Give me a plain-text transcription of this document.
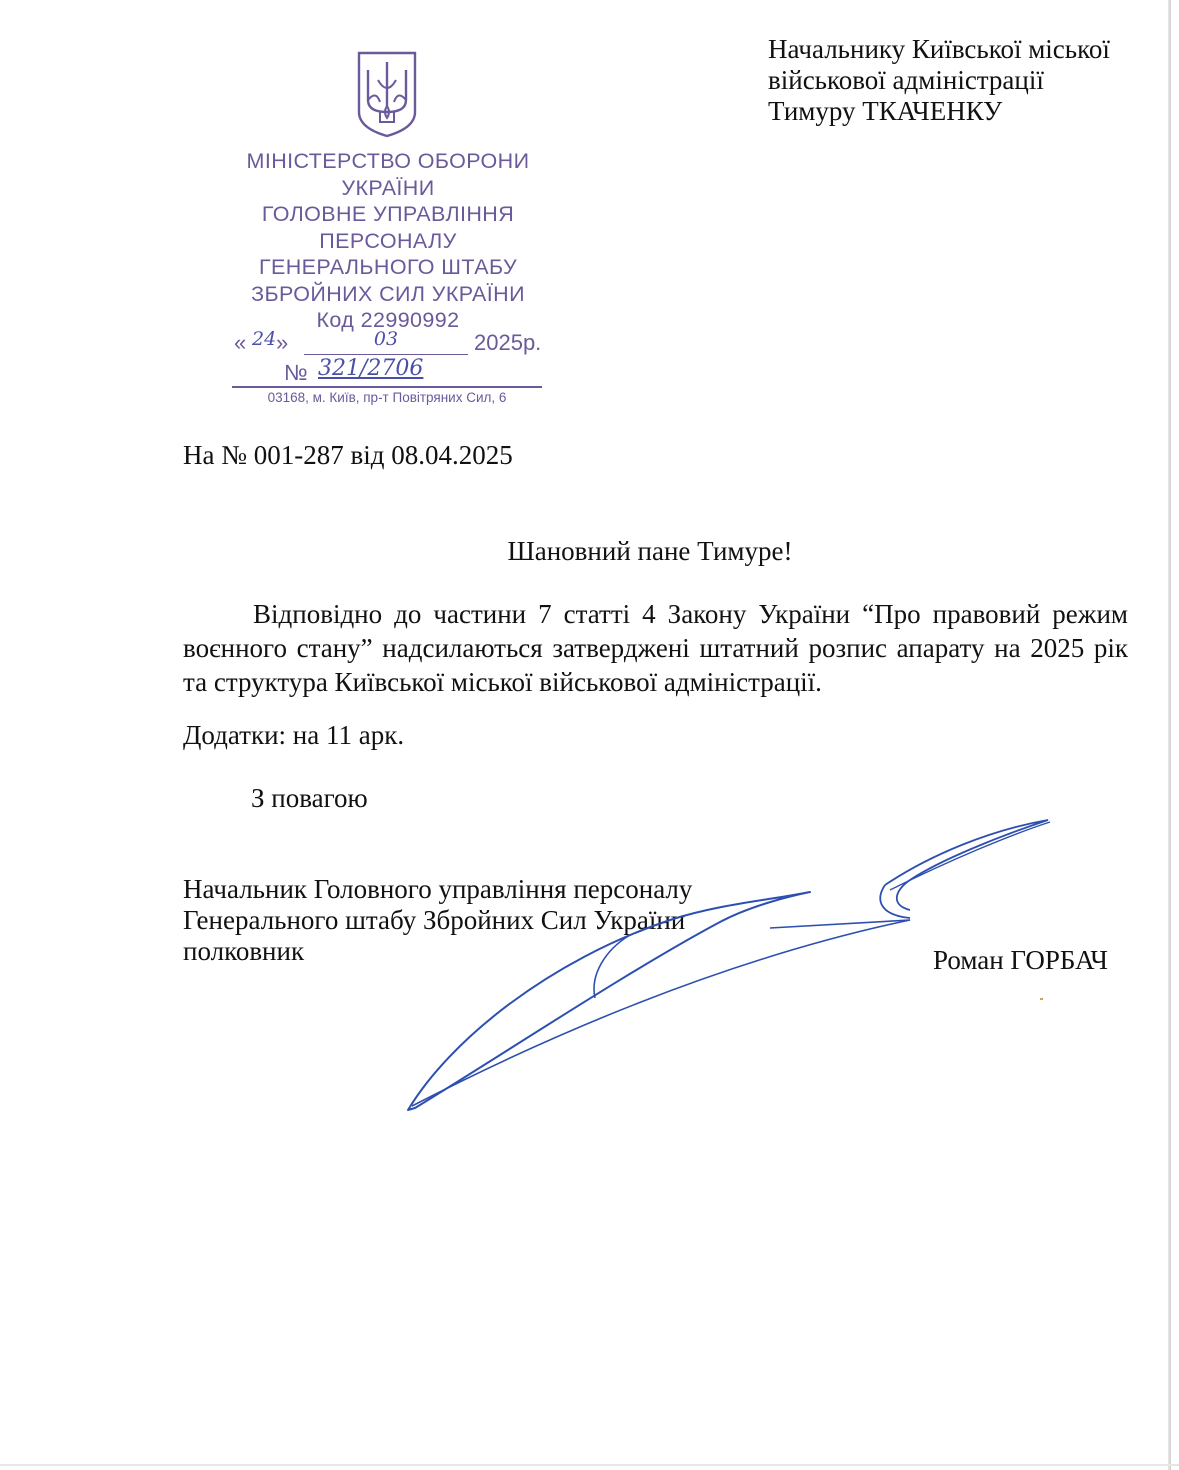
Начальнику Київської міської
військової адміністрації
Тимуру ТКАЧЕНКУ
МІНІСТЕРСТВО ОБОРОНИ
УКРАЇНИ
ГОЛОВНЕ УПРАВЛІННЯ
ПЕРСОНАЛУ
ГЕНЕРАЛЬНОГО ШТАБУ
ЗБРОЙНИХ СИЛ УКРАЇНИ
Код 22990992
« 24 »	03	2025р.
№ 321/2706
03168, м. Київ, пр-т Повітряних Сил, 6
На № 001-287 від 08.04.2025
Шановний пане Тимуре!
Відповідно до частини 7 статті 4 Закону України “Про правовий режим воєнного стану” надсилаються затверджені штатний розпис апарату на 2025 рік та структура Київської міської військової адміністрації.
Додатки: на 11 арк.
З повагою
Начальник Головного управління персоналу
Генерального штабу Збройних Сил України
полковник	Роман ГОРБАЧ
